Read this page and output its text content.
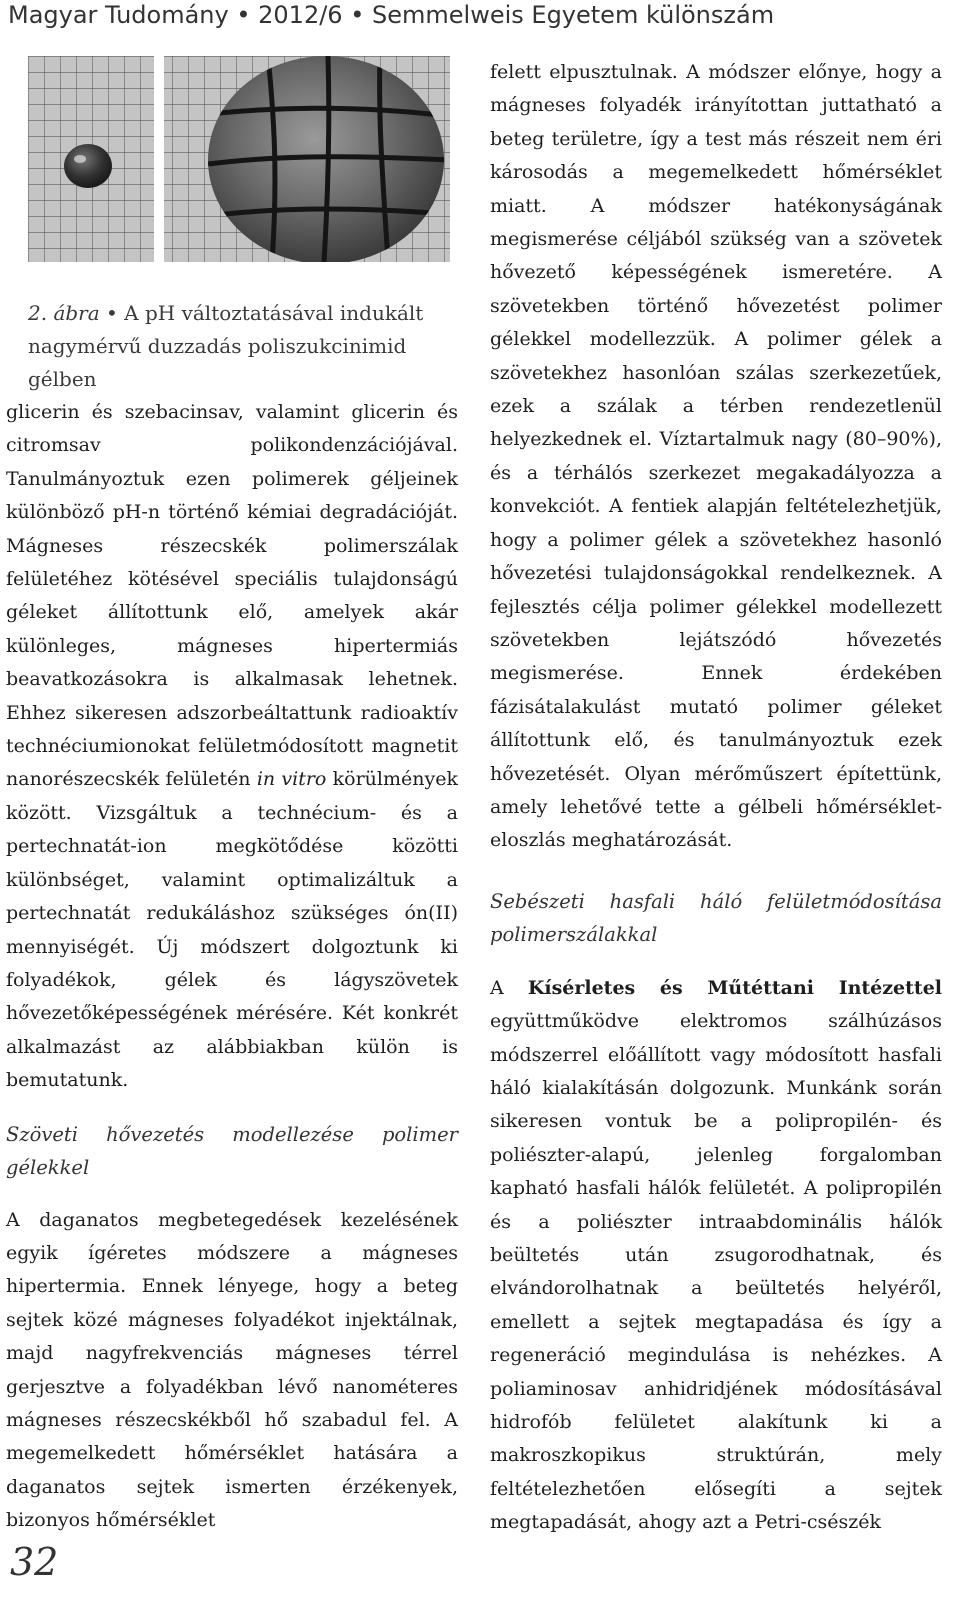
Magyar Tudomány • 2012/6 • Semmelweis Egyetem különszám
2. ábra • A pH változtatásával indukált nagymérvű duzzadás poliszukcinimid gélben

glicerin és szebacinsav, valamint glicerin és citromsav polikondenzációjával. Tanulmányoztuk ezen polimerek géljeinek különböző pH-n történő kémiai degradációját. Mágneses részecskék polimerszálak felületéhez kötésével speciális tulajdonságú géleket állítottunk elő, amelyek akár különleges, mágneses hipertermiás beavatkozásokra is alkalmasak lehetnek. Ehhez sikeresen adszorbeáltattunk radioaktív technéciumionokat felületmódosított magnetit nanorészecskék felületén in vitro körülmények között. Vizsgáltuk a technécium- és a pertechnatát-ion megkötődése közötti különbséget, valamint optimalizáltuk a pertechnatát redukáláshoz szükséges ón(II) mennyiségét. Új módszert dolgoztunk ki folyadékok, gélek és lágyszövetek hővezetőképességének mérésére. Két konkrét alkalmazást az alábbiakban külön is bemutatunk.

Szöveti hővezetés modellezése polimer gélekkel

A daganatos megbetegedések kezelésének egyik ígéretes módszere a mágneses hipertermia. Ennek lényege, hogy a beteg sejtek közé mágneses folyadékot injektálnak, majd nagyfrekvenciás mágneses térrel gerjesztve a folyadékban lévő nanométeres mágneses részecskékből hő szabadul fel. A megemelkedett hőmérséklet hatására a daganatos sejtek ismerten érzékenyek, bizonyos hőmérséklet

felett elpusztulnak. A módszer előnye, hogy a mágneses folyadék irányítottan juttatható a beteg területre, így a test más részeit nem éri károsodás a megemelkedett hőmérséklet miatt. A módszer hatékonyságának megismerése céljából szükség van a szövetek hővezető képességének ismeretére. A szövetekben történő hővezetést polimer gélekkel modellezzük. A polimer gélek a szövetekhez hasonlóan szálas szerkezetűek, ezek a szálak a térben rendezetlenül helyezkednek el. Víztartalmuk nagy (80–90%), és a térhálós szerkezet megakadályozza a konvekciót. A fentiek alapján feltételezhetjük, hogy a polimer gélek a szövetekhez hasonló hővezetési tulajdonságokkal rendelkeznek. A fejlesztés célja polimer gélekkel modellezett szövetekben lejátszódó hővezetés megismerése. Ennek érdekében fázisátalakulást mutató polimer géleket állítottunk elő, és tanulmányoztuk ezek hővezetését. Olyan mérőműszert építettünk, amely lehetővé tette a gélbeli hőmérséklet-eloszlás meghatározását.

Sebészeti hasfali háló felületmódosítása polimerszálakkal

A Kísérletes és Műtéttani Intézettel együttműködve elektromos szálhúzásos módszerrel előállított vagy módosított hasfali háló kialakításán dolgozunk. Munkánk során sikeresen vontuk be a polipropilén- és poliészter-alapú, jelenleg forgalomban kapható hasfali hálók felületét. A polipropilén és a poliészter intraabdominális hálók beültetés után zsugorodhatnak, és elvándorolhatnak a beültetés helyéről, emellett a sejtek megtapadása és így a regeneráció megindulása is nehézkes. A poliaminosav anhidridjének módosításával hidrofób felületet alakítunk ki a makroszkopikus struktúrán, mely feltételezhetően elősegíti a sejtek megtapadását, ahogy azt a Petri-csészék

32
